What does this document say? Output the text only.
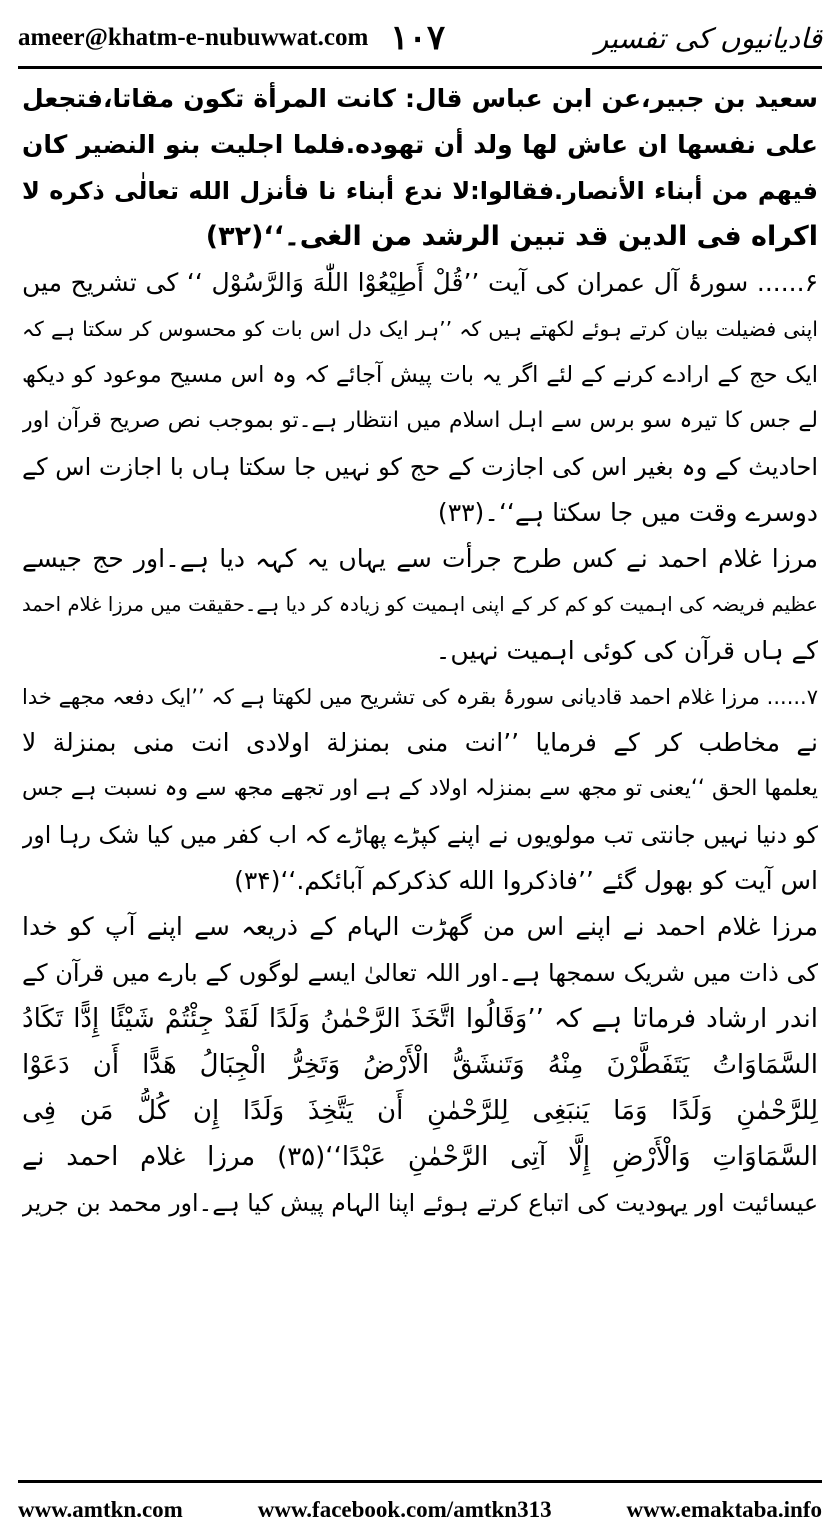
ameer@khatm-e-nubuwwat.com ۱۰۷	قادیانیوں کی تفسیر
سعید بن جبیر،عن ابن عباس قال: کانت المرأة تکون مقاتا،فتجعل
علی نفسها ان عاش لها ولد أن تهوده.فلما اجلیت بنو النضیر کان
فیهم من أبناء الأنصار.فقالوا:لا ندع أبناء نا فأنزل الله تعالٰی ذکره لا
اکراه فی الدین قد تبین الرشد من الغی۔‘‘(۳۲)
۶...... سورۂ آل عمران کی آیت ’’قُلْ أَطِیْعُوْا اللّٰهَ وَالرَّسُوْل ‘‘ کی تشریح میں
اپنی فضیلت بیان کرتے ہوئے لکھتے ہیں کہ ’’ہر ایک دل اس بات کو محسوس کر سکتا ہے کہ
ایک حج کے ارادے کرنے کے لئے اگر یہ بات پیش آجائے کہ وہ اس مسیح موعود کو دیکھ
لے جس کا تیرہ سو برس سے اہل اسلام میں انتظار ہے۔تو بموجب نص صریح قرآن اور
احادیث کے وہ بغیر اس کی اجازت کے حج کو نہیں جا سکتا ہاں با اجازت اس کے
دوسرے وقت میں جا سکتا ہے‘‘۔(۳۳)
مرزا غلام احمد نے کس طرح جرأت سے یہاں یہ کہہ دیا ہے۔اور حج جیسے
عظیم فریضہ کی اہمیت کو کم کر کے اپنی اہمیت کو زیادہ کر دیا ہے۔حقیقت میں مرزا غلام احمد
کے ہاں قرآن کی کوئی اہمیت نہیں۔
۷...... مرزا غلام احمد قادیانی سورۂ بقرہ کی تشریح میں لکھتا ہے کہ ’’ایک دفعہ مجھے خدا
نے مخاطب کر کے فرمایا ’’انت منی بمنزلة اولادی انت منی بمنزلة لا
یعلمها الحق ‘‘یعنی تو مجھ سے بمنزلہ اولاد کے ہے اور تجھے مجھ سے وہ نسبت ہے جس
کو دنیا نہیں جانتی تب مولویوں نے اپنے کپڑے پھاڑے کہ اب کفر میں کیا شک رہا اور
اس آیت کو بھول گئے ’’فاذکروا الله کذکرکم آبائکم.‘‘(۳۴)
مرزا غلام احمد نے اپنے اس من گھڑت الہام کے ذریعہ سے اپنے آپ کو خدا
کی ذات میں شریک سمجھا ہے۔اور اللہ تعالیٰ ایسے لوگوں کے بارے میں قرآن کے
اندر ارشاد فرماتا ہے کہ ’’وَقَالُوا اتَّخَذَ الرَّحْمٰنُ وَلَدًا لَقَدْ جِئْتُمْ شَیْئًا إِدًّا تَکَادُ
السَّمَاوَاتُ یَتَفَطَّرْنَ مِنْهُ وَتَنشَقُّ الْأَرْضُ وَتَخِرُّ الْجِبَالُ هَدًّا أَن دَعَوْا
لِلرَّحْمٰنِ وَلَدًا وَمَا یَنبَغِی لِلرَّحْمٰنِ أَن یَتَّخِذَ وَلَدًا إِن کُلُّ مَن فِی
السَّمَاوَاتِ وَالْأَرْضِ إِلَّا آتِی الرَّحْمٰنِ عَبْدًا‘‘(۳۵) مرزا غلام احمد نے
عیسائیت اور یہودیت کی اتباع کرتے ہوئے اپنا الہام پیش کیا ہے۔اور محمد بن جریر
www.amtkn.com	www.facebook.com/amtkn313	www.emaktaba.info
